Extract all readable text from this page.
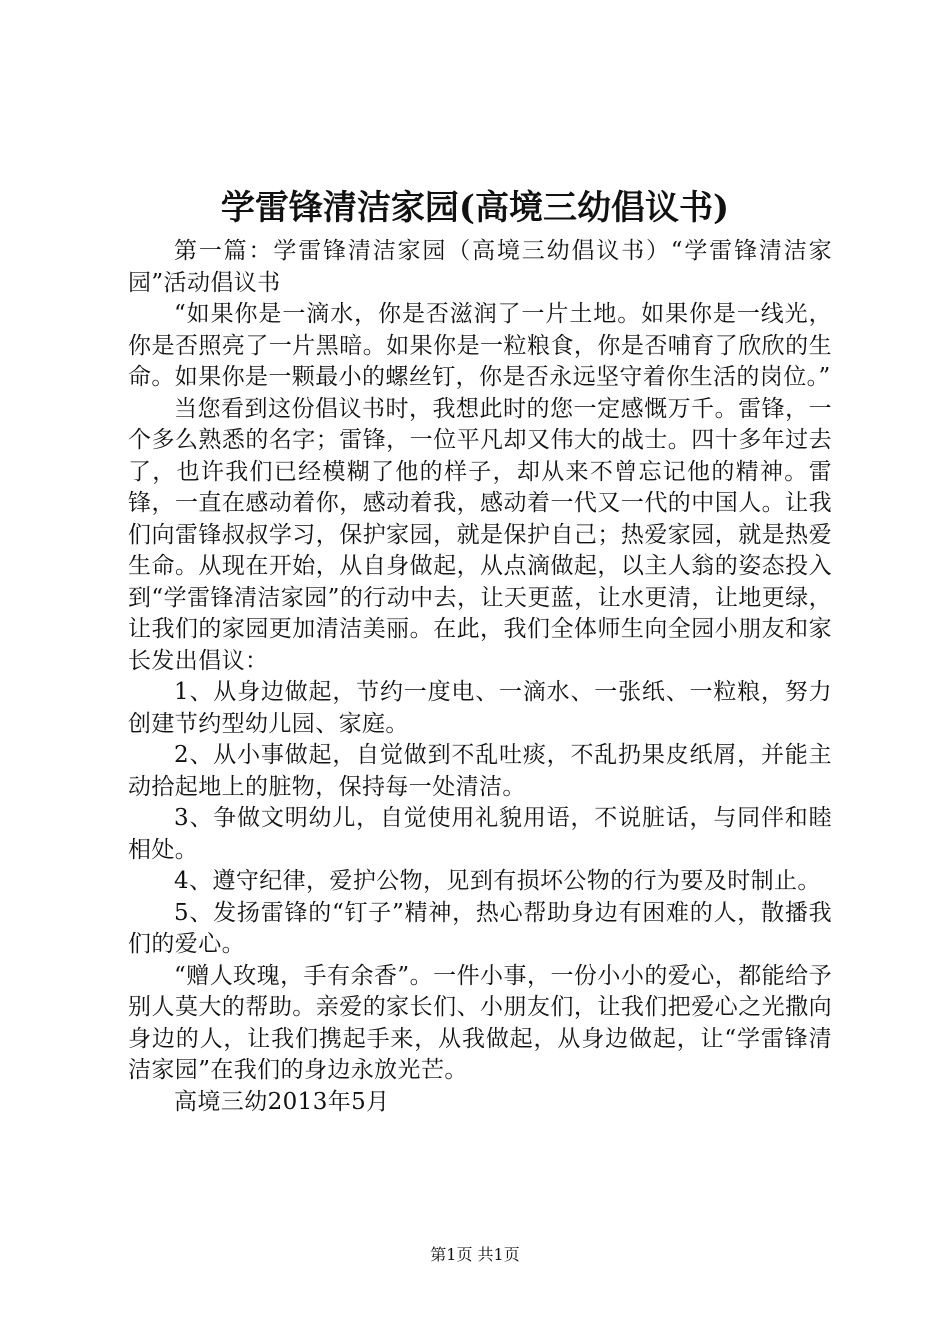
学雷锋清洁家园(高境三幼倡议书)

第一篇：学雷锋清洁家园（高境三幼倡议书）“学雷锋清洁家园”活动倡议书

“如果你是一滴水，你是否滋润了一片土地。如果你是一线光，你是否照亮了一片黑暗。如果你是一粒粮食，你是否哺育了欣欣的生命。如果你是一颗最小的螺丝钉，你是否永远坚守着你生活的岗位。”

当您看到这份倡议书时，我想此时的您一定感慨万千。雷锋，一个多么熟悉的名字；雷锋，一位平凡却又伟大的战士。四十多年过去了，也许我们已经模糊了他的样子，却从来不曾忘记他的精神。雷锋，一直在感动着你，感动着我，感动着一代又一代的中国人。让我们向雷锋叔叔学习，保护家园，就是保护自己；热爱家园，就是热爱生命。从现在开始，从自身做起，从点滴做起，以主人翁的姿态投入到“学雷锋清洁家园”的行动中去，让天更蓝，让水更清，让地更绿，让我们的家园更加清洁美丽。在此，我们全体师生向全园小朋友和家长发出倡议：

1、从身边做起，节约一度电、一滴水、一张纸、一粒粮，努力创建节约型幼儿园、家庭。

2、从小事做起，自觉做到不乱吐痰，不乱扔果皮纸屑，并能主动拾起地上的脏物，保持每一处清洁。

3、争做文明幼儿，自觉使用礼貌用语，不说脏话，与同伴和睦相处。

4、遵守纪律，爱护公物，见到有损坏公物的行为要及时制止。

5、发扬雷锋的“钉子”精神，热心帮助身边有困难的人，散播我们的爱心。

“赠人玫瑰，手有余香”。一件小事，一份小小的爱心，都能给予别人莫大的帮助。亲爱的家长们、小朋友们，让我们把爱心之光撒向身边的人，让我们携起手来，从我做起，从身边做起，让“学雷锋清洁家园”在我们的身边永放光芒。

高境三幼2013年5月

第1页 共1页
